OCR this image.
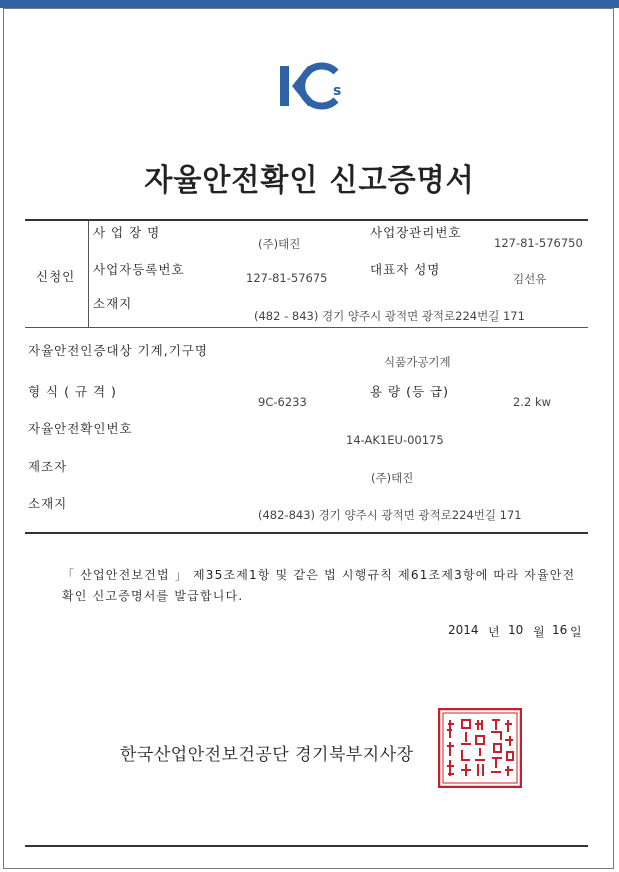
s
자율안전확인 신고증명서
신청인
사 업 장 명
(주)태진
사업장관리번호
127-81-576750
사업자등록번호
127-81-57675
대표자 성명
김선유
소재지
(482 - 843) 경기 양주시 광적면 광적로224번길 171
자율안전인증대상 기계,기구명
식품가공기계
형 식 ( 규 격 )
9C-6233
용 량 (등 급)
2.2 kw
자율안전확인번호
14-AK1EU-00175
제조자
(주)태진
소재지
(482-843) 경기 양주시 광적면 광적로224번길 171
「 산업안전보건법 」 제35조제1항 및 같은 법 시행규칙 제61조제3항에 따라 자율안전
확인 신고증명서를 발급합니다.
2014 년 10 월 16 일
한국산업안전보건공단 경기북부지사장
